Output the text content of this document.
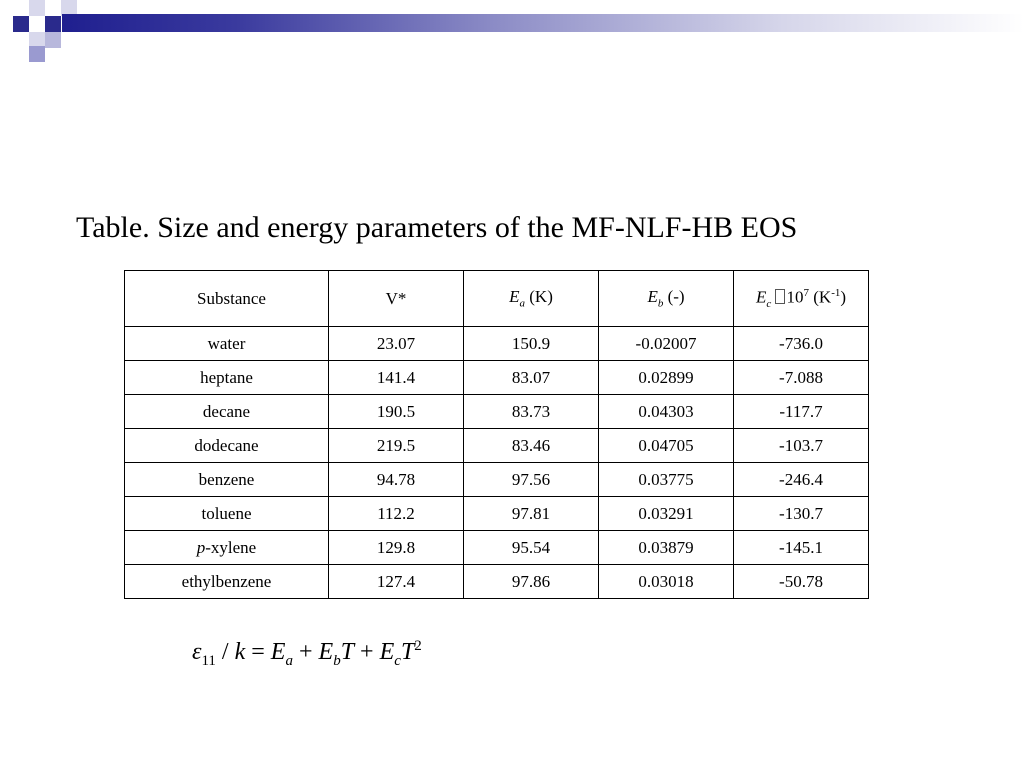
Table. Size and energy parameters of the MF-NLF-HB EOS
Substance	V*	$E_a$ (K)	$E_b$ (-)	$E_c$ $10^7$ $(K^{-1})$
water	23.07	150.9	-0.02007	-736.0
heptane	141.4	83.07	0.02899	-7.088
decane	190.5	83.73	0.04303	-117.7
dodecane	219.5	83.46	0.04705	-103.7
benzene	94.78	97.56	0.03775	-246.4
toluene	112.2	97.81	0.03291	-130.7
p-xylene	129.8	95.54	0.03879	-145.1
ethylbenzene	127.4	97.86	0.03018	-50.78
$\varepsilon_{11} / k = E_a + E_bT + E_cT^2$
